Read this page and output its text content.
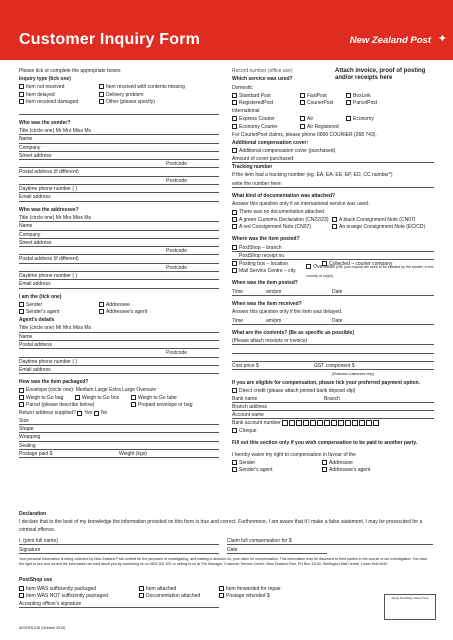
Customer Inquiry Form	New Zealand Post ✦
Please tick or complete the appropriate boxes
Inquiry type (tick one)
Item not received	Item received with contents missing
Item delayed	Delivery problem
Item received damaged	Other (please specify)
Who was the sender?
Title (circle one) Mr Mrs Miss Ms
Name
Company
Street address
Postcode
Postal address (if different)
Postcode
Daytime phone number ( )
Email address
Who was the addressee?
Title (circle one) Mr Mrs Miss Ms
Name
Company
Street address
Postcode
Postal address (if different)
Postcode
Daytime phone number ( )
Email address
I am the (tick one)
Sender	Addressee
Sender's agent	Addressee's agent
Agent's details
Title (circle one) Mr Mrs Miss Ms
Name
Postal address
Postcode
Daytime phone number ( )
Email address
How was the item packaged?
Envelope (circle one): Medium Large Extra Large Oversize
Weigh to Go bag	Weigh to Go box	Weigh to Go tube
Parcel (please describe below)	Prepaid envelope or bag
Return address supplied?
Yes
No
Size
Shape
Wrapping
Sealing
Postage paid $	Weight (kgs)
Attach invoice, proof of posting and/or receipts here
Record number (office use)
Which service was used?
Domestic
Standard Post	FastPost	BoxLink
RegisteredPost	CourierPost	ParcelPost
International
Express Courier	Air	Economy
Economy Courier	Air Registered
For CourierPost claims, please phone 0800 COURIER (268 743).
Additional compensation cover:
Additional compensation cover (purchased)
Amount of cover purchased:
Tracking number
If the item had a tracking number (eg. EA, EA, EE, EP, ED, CC number*)
write the number here:
What kind of documentation was attached?
Answer this question only if an international service was used.
There was no documentation attached
A green Customs Declaration (CN22/23)	A black Consignment Note (CN07)
A red Consignment Note (CN07)	An orange Consignment Note (EC/CD)
Where was the item posted?
PostShop – branch
PostShop receipt no.
Posting box – location	Collected – courier company
Mail Service Centre – city
Overseas (NB: your inquiry will need to be initiated by the sender, in the country of origin)
When was the item posted?
Time	am/pm	Date
When was the item received?
Answer this question only if the item was delayed.
Time	am/pm	Date
What are the contents? (Be as specific as possible)
(Please attach receipts or invoice)
Cost price $	GST component $
(Business customers only)
If you are eligible for compensation, please tick your preferred payment option.
Direct credit (please attach printed bank deposit slip)
Bank name	Branch
Branch address
Account name
Bank account number

Cheque
Fill out this section only if you wish compensation to be paid to another party.
I hereby waive my right to compensation in favour of the
Sender	Addressee
Sender's agent	Addressee's agent
Declaration
I declare that to the best of my knowledge the information provided on this form is true and correct. Furthermore, I am aware that if I make a false statement, I may be prosecuted for a criminal offence.
I, (print full name)	Claim full compensation for $
Signature	Date
Your personal information is being collected by New Zealand Post Limited for the purposes of investigating, and making a decision on, your claim for compensation. This information may be disclosed to third parties in the course of our investigation. You have the right to see and correct the information we hold about you by contacting us on 0800 501 501 or writing to us at The Manager, Customer Service Centre, New Zealand Post, PO Box 31100, Wellington Mail Centre, Lower Hutt 5040.
PostShop use
Item WAS sufficiently packaged	Item attached	Item forwarded for repair
Item WAS NOT sufficiently packaged	Documentation attached	Postage refunded $
Accepting officer's signature
Apply PostShop stamp here
ADVDFIL018 (October 2010)
